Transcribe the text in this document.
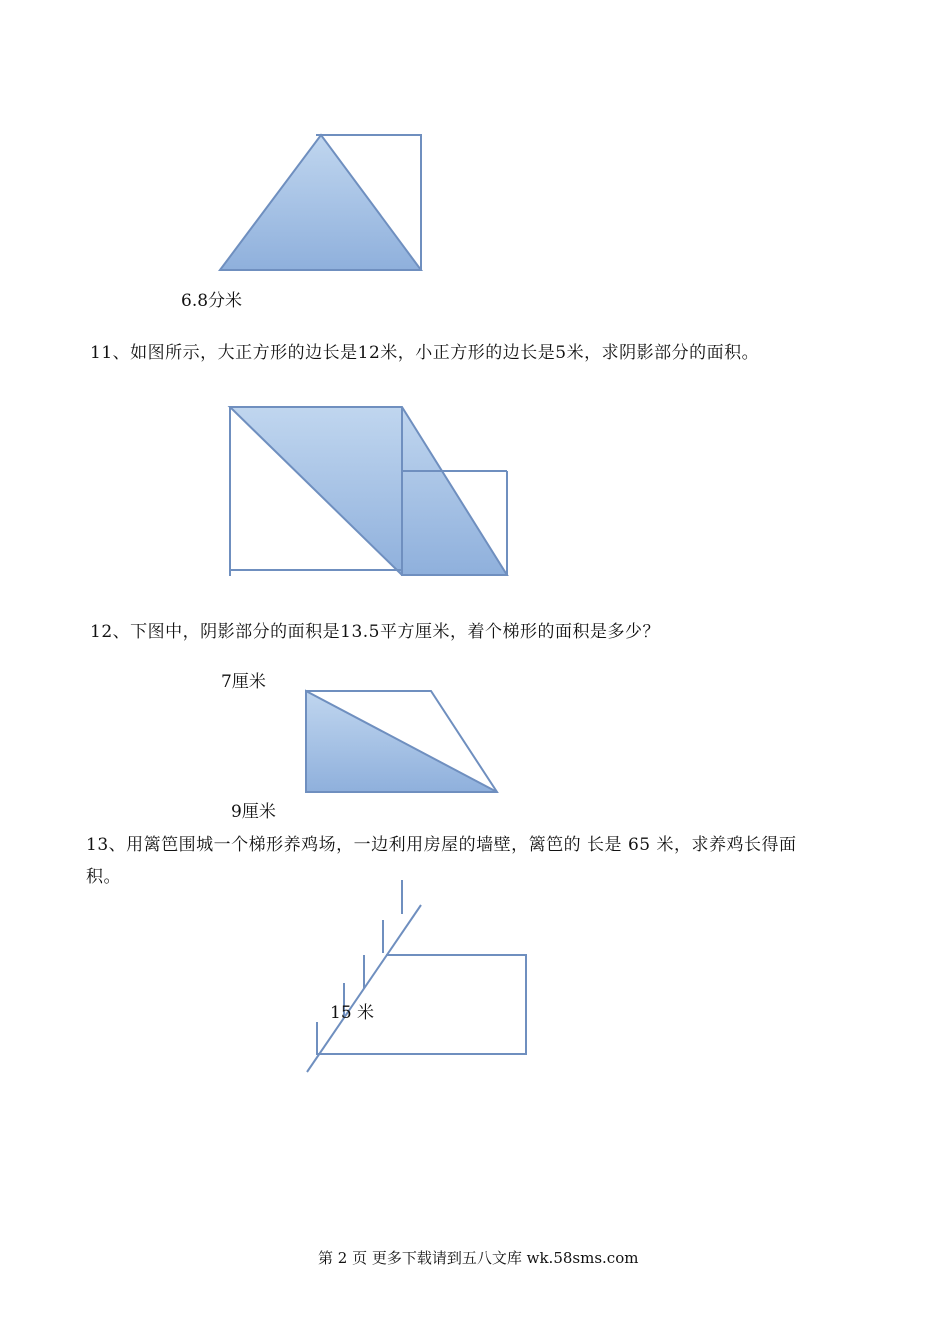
6.8分米
11、如图所示，大正方形的边长是12米，小正方形的边长是5米，求阴影部分的面积。
12、下图中，阴影部分的面积是13.5平方厘米，着个梯形的面积是多少？
7厘米
9厘米
13、用篱笆围城一个梯形养鸡场，一边利用房屋的墙壁，篱笆的 长是 65 米，求养鸡长得面
积。
15 米
第 2 页 更多下载请到五八文库 wk.58sms.com
